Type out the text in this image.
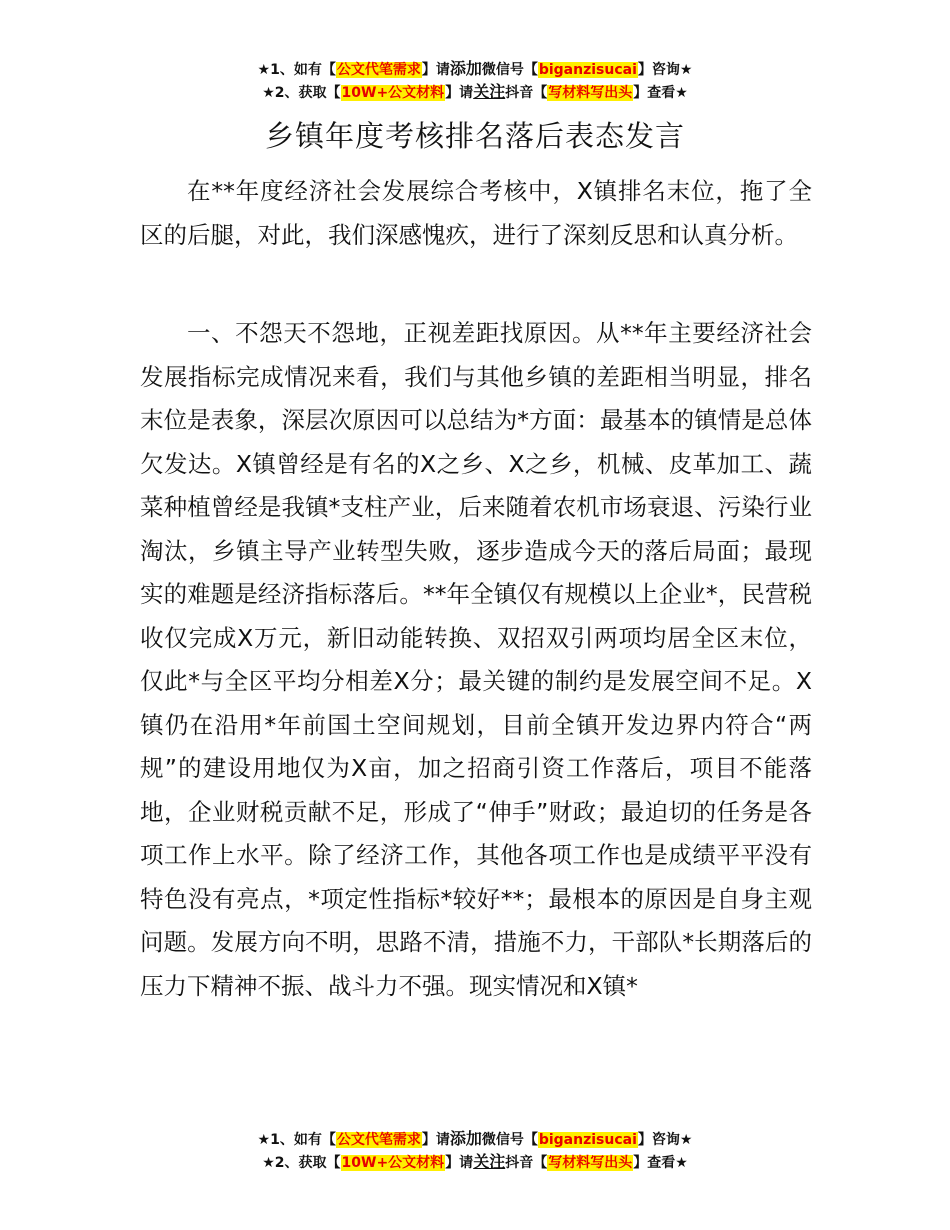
★1、如有【公文代笔需求】请添加微信号【biganzisucai】咨询★
★2、获取【10W+公文材料】请关注抖音【写材料写出头】查看★
乡镇年度考核排名落后表态发言

在**年度经济社会发展综合考核中，X镇排名末位，拖了全区的后腿，对此，我们深感愧疚，进行了深刻反思和认真分析。

一、不怨天不怨地，正视差距找原因。从**年主要经济社会发展指标完成情况来看，我们与其他乡镇的差距相当明显，排名末位是表象，深层次原因可以总结为*方面：最基本的镇情是总体欠发达。X镇曾经是有名的X之乡、X之乡，机械、皮革加工、蔬菜种植曾经是我镇*支柱产业，后来随着农机市场衰退、污染行业淘汰，乡镇主导产业转型失败，逐步造成今天的落后局面；最现实的难题是经济指标落后。**年全镇仅有规模以上企业*，民营税收仅完成X万元，新旧动能转换、双招双引两项均居全区末位，仅此*与全区平均分相差X分；最关键的制约是发展空间不足。X镇仍在沿用*年前国土空间规划，目前全镇开发边界内符合“两规”的建设用地仅为X亩，加之招商引资工作落后，项目不能落地，企业财税贡献不足，形成了“伸手”财政；最迫切的任务是各项工作上水平。除了经济工作，其他各项工作也是成绩平平没有特色没有亮点，*项定性指标*较好**；最根本的原因是自身主观问题。发展方向不明，思路不清，措施不力，干部队*长期落后的压力下精神不振、战斗力不强。现实情况和X镇*

★1、如有【公文代笔需求】请添加微信号【biganzisucai】咨询★
★2、获取【10W+公文材料】请关注抖音【写材料写出头】查看★
